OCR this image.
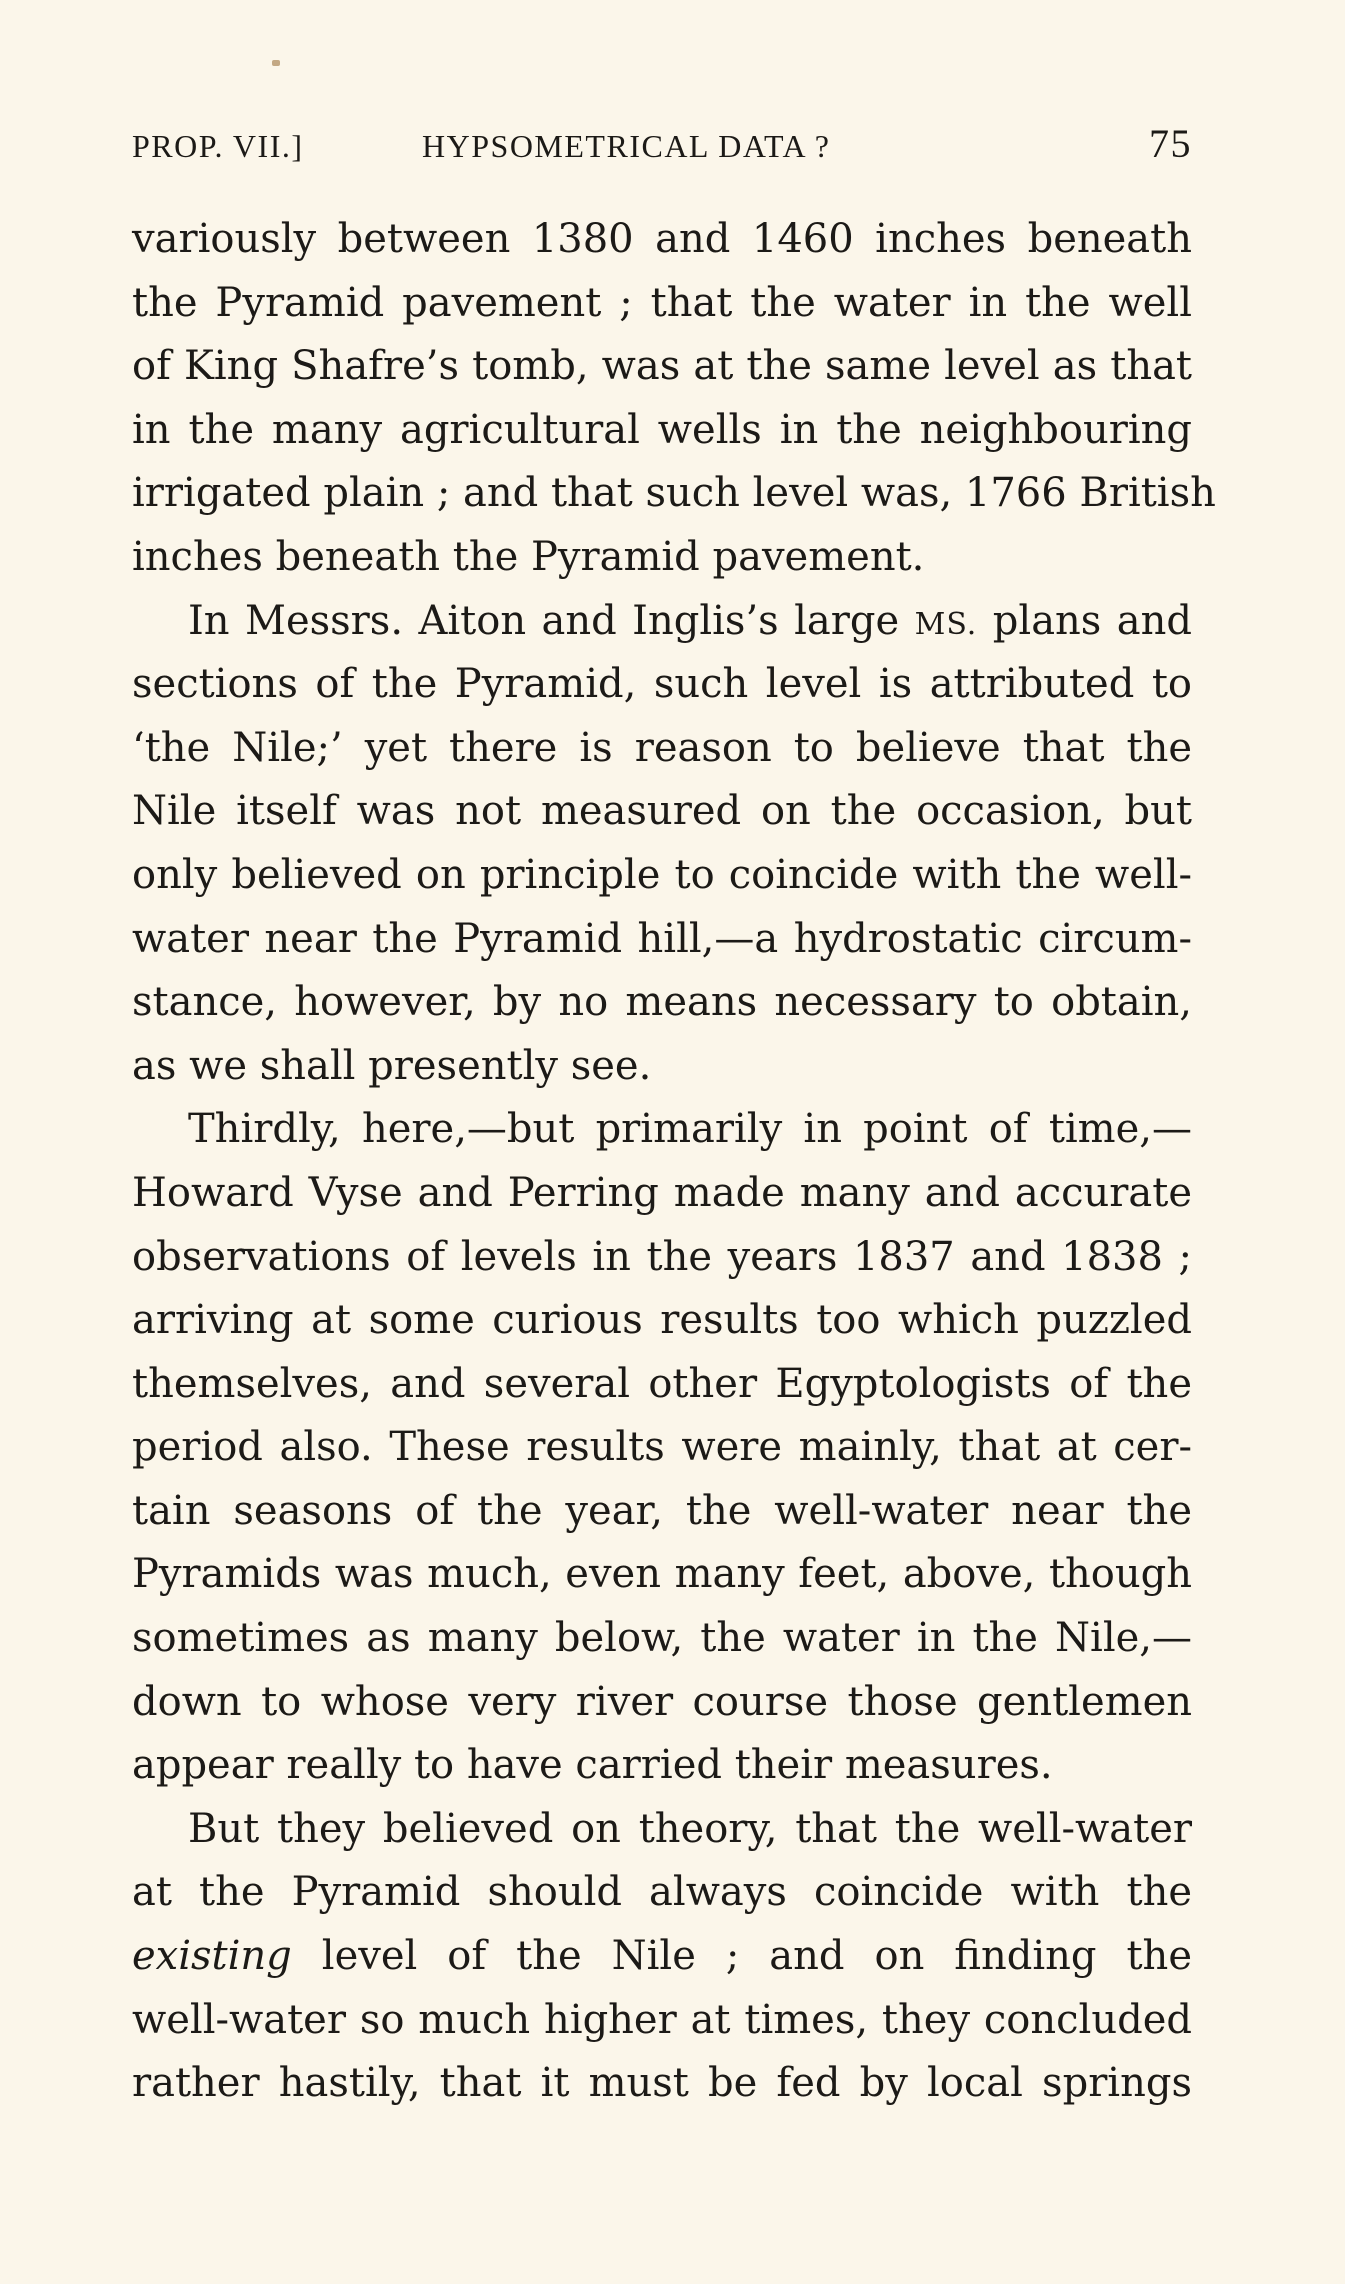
PROP. VII.]	HYPSOMETRICAL DATA ?	75
variously between 1380 and 1460 inches beneath
the Pyramid pavement ; that the water in the well
of King Shafre’s tomb, was at the same level as that
in the many agricultural wells in the neighbouring
irrigated plain ; and that such level was, 1766 British
inches beneath the Pyramid pavement.
In Messrs. Aiton and Inglis’s large MS. plans and
sections of the Pyramid, such level is attributed to
‘the Nile;’ yet there is reason to believe that the
Nile itself was not measured on the occasion, but
only believed on principle to coincide with the well-
water near the Pyramid hill,—a hydrostatic circum-
stance, however, by no means necessary to obtain,
as we shall presently see.
Thirdly, here,—but primarily in point of time,—
Howard Vyse and Perring made many and accurate
observations of levels in the years 1837 and 1838 ;
arriving at some curious results too which puzzled
themselves, and several other Egyptologists of the
period also. These results were mainly, that at cer-
tain seasons of the year, the well-water near the
Pyramids was much, even many feet, above, though
sometimes as many below, the water in the Nile,—
down to whose very river course those gentlemen
appear really to have carried their measures.
But they believed on theory, that the well-water
at the Pyramid should always coincide with the
existing level of the Nile ; and on finding the
well-water so much higher at times, they concluded
rather hastily, that it must be fed by local springs
